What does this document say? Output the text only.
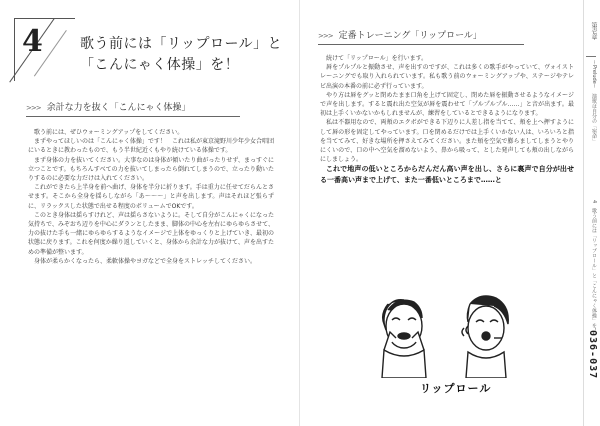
4	歌う前には「リップロール」と
「こんにゃく体操」を！
>>> 余計な力を抜く「こんにゃく体操」

歌う前には、ぜひウォーミングアップをしてください。

まずやってほしいのは「こんにゃく体操」です！　これは私が東京滝野川少年少女合唱団にいるときに教わったもので、もう半世紀近くもやり続けている体操です。

まず身体の力を抜いてください。大事なのは身体が傾いたり曲がったりせず、まっすぐに立つことです。もちろんすべての力を抜いてしまったら倒れてしまうので、立ったり動いたりするのに必要な力だけは入れてください。

これができたら上半身を前へ曲げ、身体を半分に折ります。手は重力に任せてだらんとさせます。そこから全身を揺らしながら「あ〜〜〜」と声を出します。声はそれほど張らずに、リラックスした状態で出せる程度のボリュームでOKです。

このとき身体は揺らすけれど、声は揺らさないように。そして自分がこんにゃくになった気持ちで、みぞおち辺りを中心にダランとしたまま、脚体の中心を左右にゆらゆらさせて、力の抜けた手も一緒にゆらゆらするようなイメージで上体をゆっくりと上げていき、最初の状態に戻ります。これを何度か繰り返していくと、身体から余計な力が抜けて、声を出すための準備が整います。

身体が柔らかくなったら、柔軟体操やヨガなどで全身をストレッチしてください。

>>> 定番トレーニング「リップロール」

続けて「リップロール」を行います。

唇をプルプルと振動させ、声を出すのですが、これは多くの歌手がやっていて、ヴォイストレーニングでも取り入れられています。私も歌う前のウォーミングアップや、ステージやテレビ出演の本番の前に必ず行っています。

やり方は唇をグッと閉めたまま口角を上げて固定し、閉めた唇を振動させるようなイメージで声を出します。すると震れ出た空気が唇を震わせて「プルプルプル……」と音が出ます。最初は上手くいかないかもしれませんが、練習をしているとできるようになります。

私は不器用なので、両頬のエクボができる下辺りに人差し指を当てて、頬を上へ押すようにして唇の形を固定してやっています。口を閉めるだけでは上手くいかない人は、いろいろと指を当ててみて、好きな場所を押さえてみてください。また頬を空気で膨らましてしまうとやりにくいので、口の中へ空気を溜めないよう、鼻から吸って、とした発声しても頬の出しながらにしましょう。

これで地声の低いところからだんだん高い声を出し、さらに裏声で自分が出せる一番高い声まで上げて、また一番低いところまで……と

リップロール
第壱章
〜Prelude〜　演歌は自分の「宿命」
4　歌う前には「リップロール」と「こんにゃく体操」を！
036-037
